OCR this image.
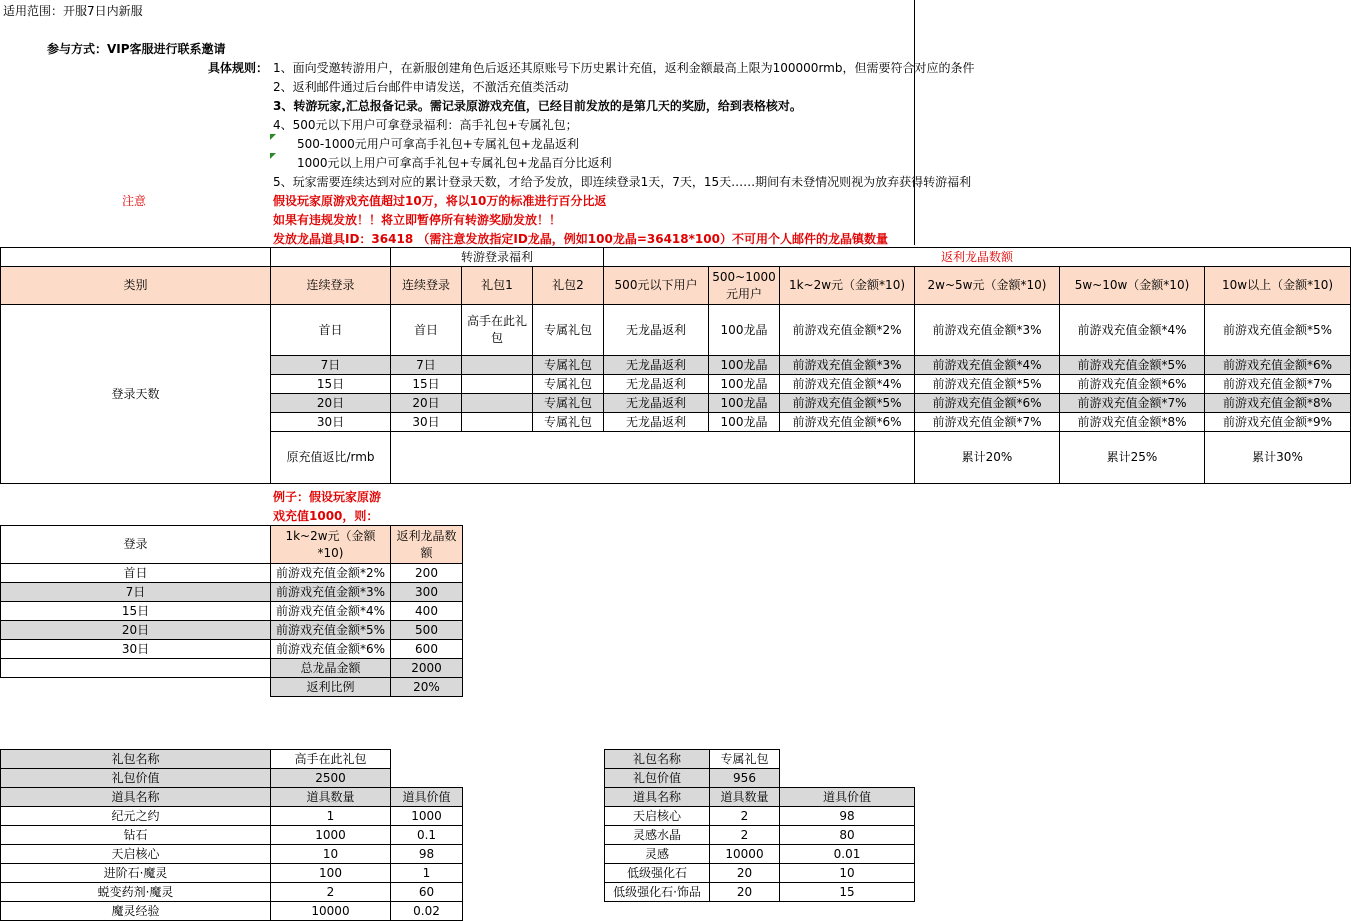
适用范围：开服7日内新服
参与方式：VIP客服进行联系邀请
具体规则： 1、面向受邀转游用户，在新服创建角色后返还其原账号下历史累计充值，返利金额最高上限为100000rmb，但需要符合对应的条件
2、返利邮件通过后台邮件申请发送，不激活充值类活动
3、转游玩家,汇总报备记录。需记录原游戏充值，已经目前发放的是第几天的奖励，给到表格核对。
4、500元以下用户可拿登录福利：高手礼包+专属礼包；
500-1000元用户可拿高手礼包+专属礼包+龙晶返利
1000元以上用户可拿高手礼包+专属礼包+龙晶百分比返利
5、玩家需要连续达到对应的累计登录天数，才给予发放，即连续登录1天，7天，15天……期间有未登情况则视为放弃获得转游福利
注意	假设玩家原游戏充值超过10万，将以10万的标准进行百分比返
如果有违规发放！！将立即暂停所有转游奖励发放！！
发放龙晶道具ID：36418 （需注意发放指定ID龙晶，例如100龙晶=36418*100）不可用个人邮件的龙晶镇数量
		转游登录福利			返利龙晶数额						
类别	连续登录	连续登录	礼包1	礼包2	500元以下用户	500~1000元用户	1k~2w元（金额*10)	2w~5w元（金额*10)	5w~10w（金额*10)	10w以上（金额*10)	
登录天数	首日	首日	高手在此礼包	专属礼包	无龙晶返利	100龙晶	前游戏充值金额*2%	前游戏充值金额*3%	前游戏充值金额*4%	前游戏充值金额*5%	
	7日	7日		专属礼包	无龙晶返利	100龙晶	前游戏充值金额*3%	前游戏充值金额*4%	前游戏充值金额*5%	前游戏充值金额*6%	
	15日	15日		专属礼包	无龙晶返利	100龙晶	前游戏充值金额*4%	前游戏充值金额*5%	前游戏充值金额*6%	前游戏充值金额*7%	
	20日	20日		专属礼包	无龙晶返利	100龙晶	前游戏充值金额*5%	前游戏充值金额*6%	前游戏充值金额*7%	前游戏充值金额*8%	
	30日	30日		专属礼包	无龙晶返利	100龙晶	前游戏充值金额*6%	前游戏充值金额*7%	前游戏充值金额*8%	前游戏充值金额*9%	
	原充值返比/rmb							累计20%	累计25%	累计30%	
例子：假设玩家原游
戏充值1000，则：
登录	1k~2w元（金额*10)	返利龙晶数额
首日	前游戏充值金额*2%	200
7日	前游戏充值金额*3%	300
15日	前游戏充值金额*4%	400
20日	前游戏充值金额*5%	500
30日	前游戏充值金额*6%	600
	总龙晶金额	2000
	返利比例	20%
礼包名称	高手在此礼包	
礼包价值	2500	
道具名称	道具数量	道具价值
纪元之约	1	1000
钻石	1000	0.1
天启核心	10	98
进阶石·魔灵	100	1
蜕变药剂·魔灵	2	60
魔灵经验	10000	0.02
礼包名称	专属礼包	
礼包价值	956	
道具名称	道具数量	道具价值
天启核心	2	98
灵感水晶	2	80
灵感	10000	0.01
低级强化石	20	10
低级强化石·饰品	20	15
